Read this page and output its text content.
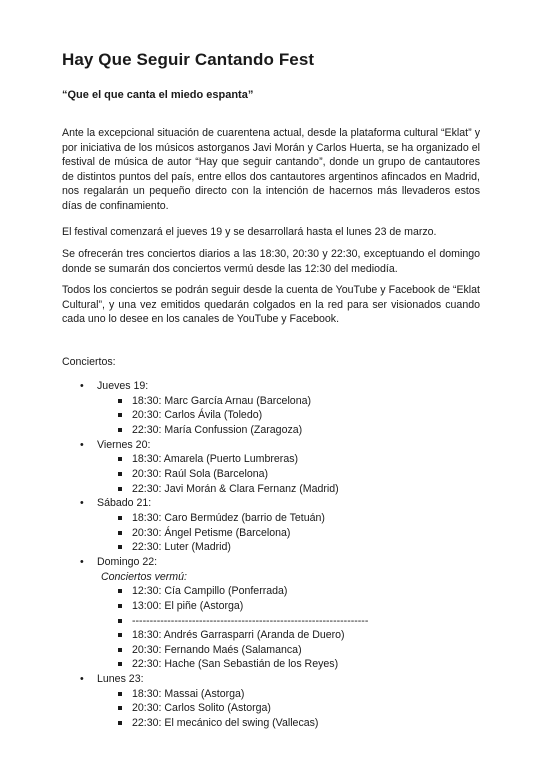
Hay Que Seguir Cantando Fest

“Que el que canta el miedo espanta”

Ante la excepcional situación de cuarentena actual, desde la plataforma cultural “Eklat” y por iniciativa de los músicos astorganos Javi Morán y Carlos Huerta, se ha organizado el festival de música de autor “Hay que seguir cantando”, donde un grupo de cantautores de distintos puntos del país, entre ellos dos cantautores argentinos afincados en Madrid, nos regalarán un pequeño directo con la intención de hacernos más llevaderos estos días de confinamiento.

El festival comenzará el jueves 19 y se desarrollará hasta el lunes 23 de marzo.

Se ofrecerán tres conciertos diarios a las 18:30, 20:30 y 22:30, exceptuando el domingo donde se sumarán dos conciertos vermú desde las 12:30 del mediodía.

Todos los conciertos se podrán seguir desde la cuenta de YouTube y Facebook de “Eklat Cultural”, y una vez emitidos quedarán colgados en la red para ser visionados cuando cada uno lo desee en los canales de YouTube y Facebook.

Conciertos:

• Jueves 19:
18:30: Marc García Arnau (Barcelona)
20:30: Carlos Ávila (Toledo)
22:30: María Confussion (Zaragoza)
• Viernes 20:
18:30: Amarela (Puerto Lumbreras)
20:30: Raúl Sola (Barcelona)
22:30: Javi Morán & Clara Fernanz (Madrid)
• Sábado 21:
18:30: Caro Bermúdez (barrio de Tetuán)
20:30: Ángel Petisme (Barcelona)
22:30: Luter (Madrid)
• Domingo 22:
Conciertos vermú:
12:30: Cía Campillo (Ponferrada)
13:00: El piñe (Astorga)
-------------------------------------------------------------------
18:30: Andrés Garrasparri (Aranda de Duero)
20:30: Fernando Maés (Salamanca)
22:30: Hache (San Sebastián de los Reyes)
• Lunes 23:
18:30: Massai (Astorga)
20:30: Carlos Solito (Astorga)
22:30: El mecánico del swing (Vallecas)
